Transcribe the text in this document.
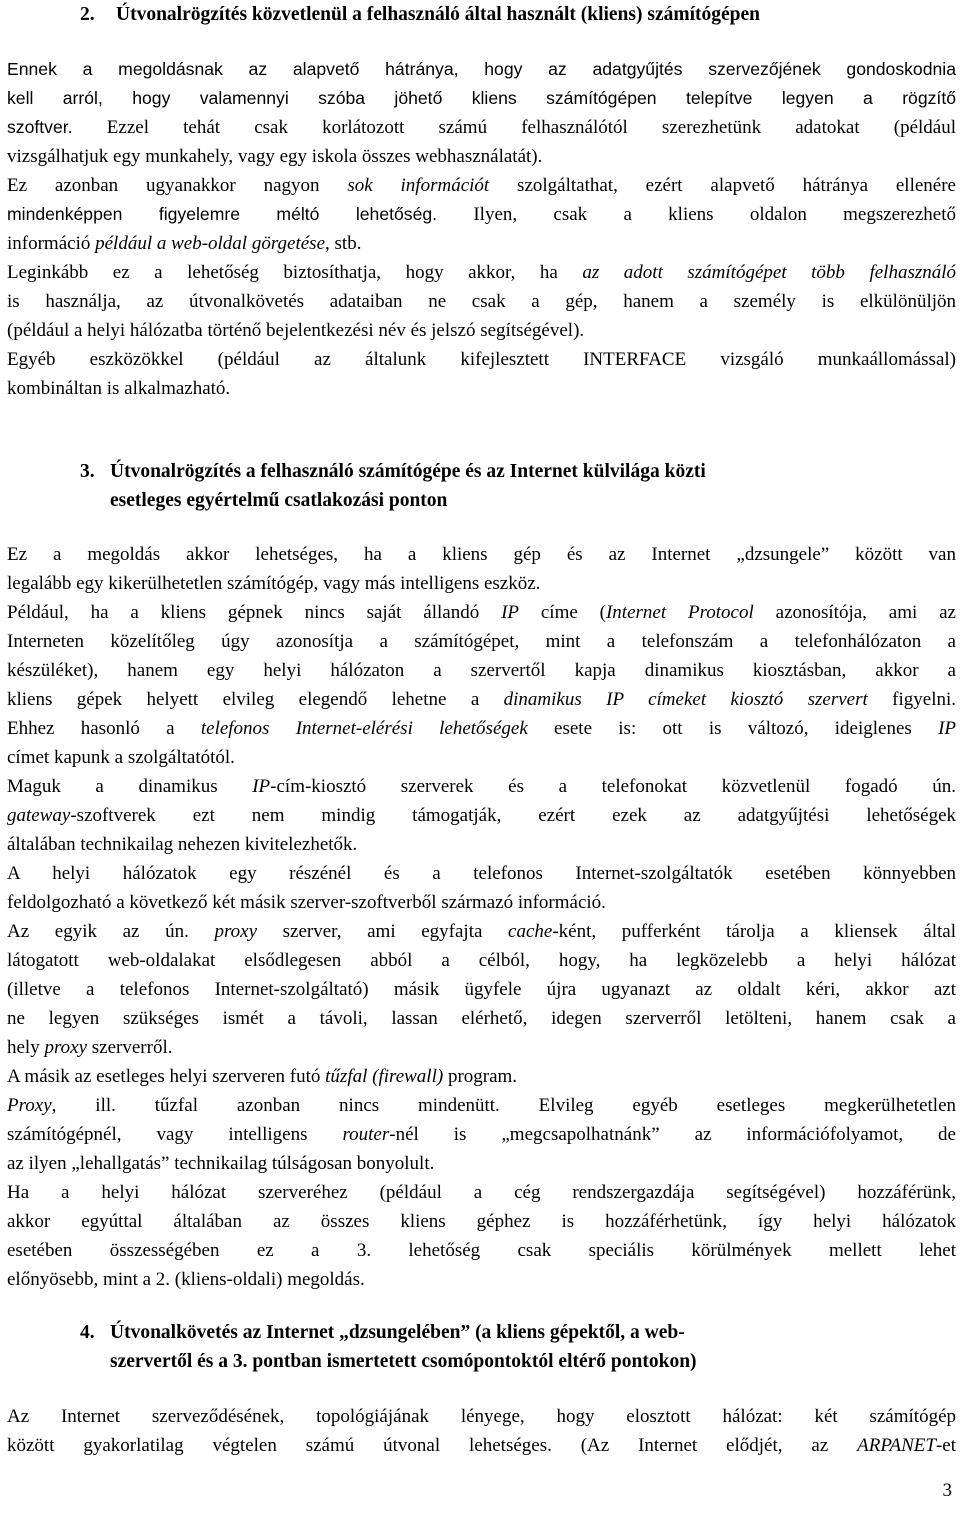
2. Útvonalrögzítés közvetlenül a felhasználó által használt (kliens) számítógépen
Ennek a megoldásnak az alapvető hátránya, hogy az adatgyűjtés szervezőjének gondoskodnia
kell arról, hogy valamennyi szóba jöhető kliens számítógépen telepítve legyen a rögzítő
szoftver. Ezzel tehát csak korlátozott számú felhasználótól szerezhetünk adatokat (például
vizsgálhatjuk egy munkahely, vagy egy iskola összes webhasználatát).
Ez azonban ugyanakkor nagyon sok információt szolgáltathat, ezért alapvető hátránya ellenére
mindenképpen figyelemre méltó lehetőség. Ilyen, csak a kliens oldalon megszerezhető
információ például a web-oldal görgetése, stb.
Leginkább ez a lehetőség biztosíthatja, hogy akkor, ha az adott számítógépet több felhasználó
is használja, az útvonalkövetés adataiban ne csak a gép, hanem a személy is elkülönüljön
(például a helyi hálózatba történő bejelentkezési név és jelszó segítségével).
Egyéb eszközökkel (például az általunk kifejlesztett INTERFACE vizsgáló munkaállomással)
kombináltan is alkalmazható.
3. Útvonalrögzítés a felhasználó számítógépe és az Internet külvilága közti
esetleges egyértelmű csatlakozási ponton
Ez a megoldás akkor lehetséges, ha a kliens gép és az Internet „dzsungele” között van
legalább egy kikerülhetetlen számítógép, vagy más intelligens eszköz.
Például, ha a kliens gépnek nincs saját állandó IP címe (Internet Protocol azonosítója, ami az
Interneten közelítőleg úgy azonosítja a számítógépet, mint a telefonszám a telefonhálózaton a
készüléket), hanem egy helyi hálózaton a szervertől kapja dinamikus kiosztásban, akkor a
kliens gépek helyett elvileg elegendő lehetne a dinamikus IP címeket kiosztó szervert figyelni.
Ehhez hasonló a telefonos Internet-elérési lehetőségek esete is: ott is változó, ideiglenes IP
címet kapunk a szolgáltatótól.
Maguk a dinamikus IP-cím-kiosztó szerverek és a telefonokat közvetlenül fogadó ún.
gateway-szoftverek ezt nem mindig támogatják, ezért ezek az adatgyűjtési lehetőségek
általában technikailag nehezen kivitelezhetők.
A helyi hálózatok egy részénél és a telefonos Internet-szolgáltatók esetében könnyebben
feldolgozható a következő két másik szerver-szoftverből származó információ.
Az egyik az ún. proxy szerver, ami egyfajta cache-ként, pufferként tárolja a kliensek által
látogatott web-oldalakat elsődlegesen abból a célból, hogy, ha legközelebb a helyi hálózat
(illetve a telefonos Internet-szolgáltató) másik ügyfele újra ugyanazt az oldalt kéri, akkor azt
ne legyen szükséges ismét a távoli, lassan elérhető, idegen szerverről letölteni, hanem csak a
hely proxy szerverről.
A másik az esetleges helyi szerveren futó tűzfal (firewall) program.
Proxy, ill. tűzfal azonban nincs mindenütt. Elvileg egyéb esetleges megkerülhetetlen
számítógépnél, vagy intelligens router-nél is „megcsapolhatnánk” az információfolyamot, de
az ilyen „lehallgatás” technikailag túlságosan bonyolult.
Ha a helyi hálózat szerveréhez (például a cég rendszergazdája segítségével) hozzáférünk,
akkor egyúttal általában az összes kliens géphez is hozzáférhetünk, így helyi hálózatok
esetében összességében ez a 3. lehetőség csak speciális körülmények mellett lehet
előnyösebb, mint a 2. (kliens-oldali) megoldás.
4. Útvonalkövetés az Internet „dzsungelében” (a kliens gépektől, a web-
szervertől és a 3. pontban ismertetett csomópontoktól eltérő pontokon)
Az Internet szerveződésének, topológiájának lényege, hogy elosztott hálózat: két számítógép
között gyakorlatilag végtelen számú útvonal lehetséges. (Az Internet elődjét, az ARPANET-et
3
